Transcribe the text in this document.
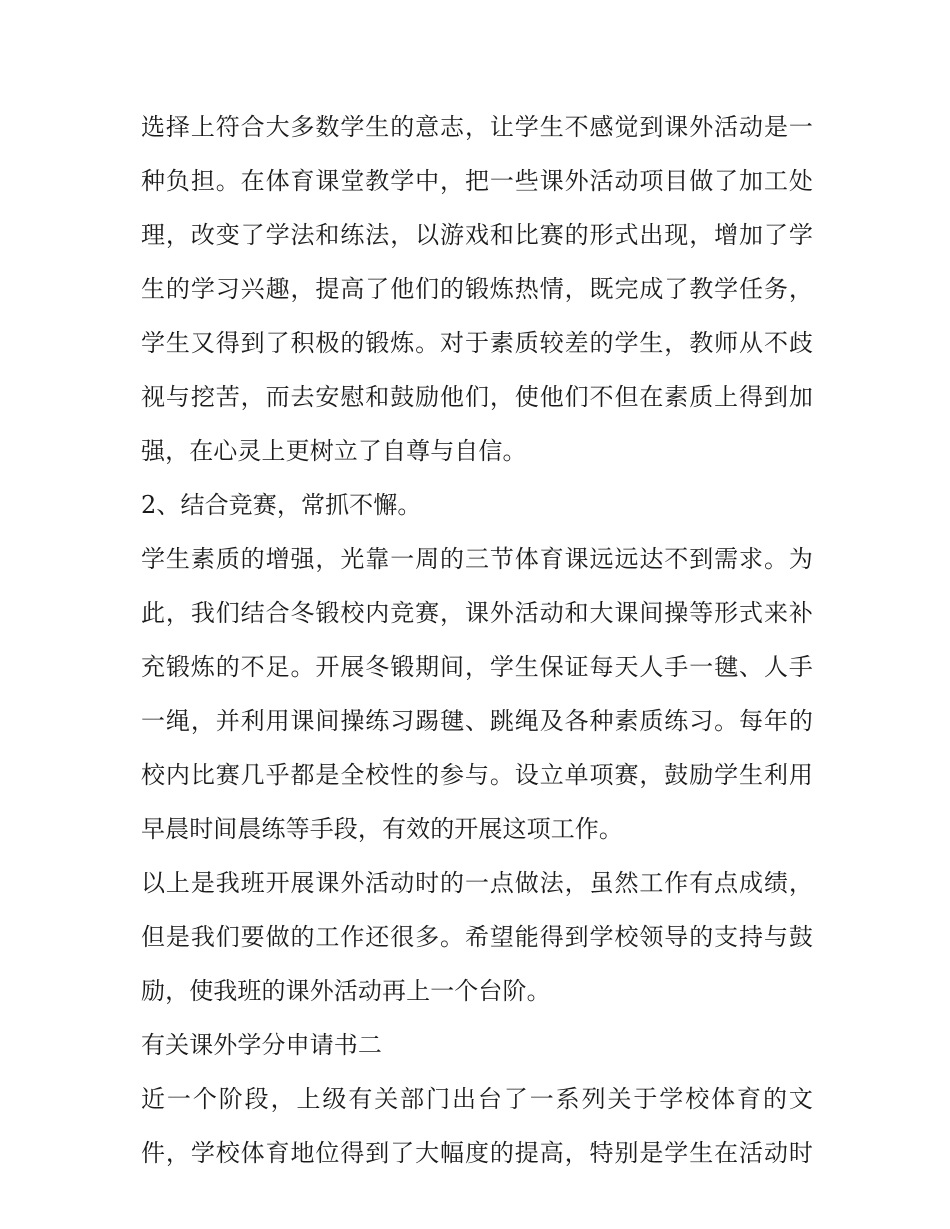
选择上符合大多数学生的意志，让学生不感觉到课外活动是一
种负担。在体育课堂教学中，把一些课外活动项目做了加工处
理，改变了学法和练法，以游戏和比赛的形式出现，增加了学
生的学习兴趣，提高了他们的锻炼热情，既完成了教学任务，
学生又得到了积极的锻炼。对于素质较差的学生，教师从不歧
视与挖苦，而去安慰和鼓励他们，使他们不但在素质上得到加
强，在心灵上更树立了自尊与自信。
2、结合竞赛，常抓不懈。
学生素质的增强，光靠一周的三节体育课远远达不到需求。为
此，我们结合冬锻校内竞赛，课外活动和大课间操等形式来补
充锻炼的不足。开展冬锻期间，学生保证每天人手一毽、人手
一绳，并利用课间操练习踢毽、跳绳及各种素质练习。每年的
校内比赛几乎都是全校性的参与。设立单项赛，鼓励学生利用
早晨时间晨练等手段，有效的开展这项工作。
以上是我班开展课外活动时的一点做法，虽然工作有点成绩，
但是我们要做的工作还很多。希望能得到学校领导的支持与鼓
励，使我班的课外活动再上一个台阶。
有关课外学分申请书二
近一个阶段，上级有关部门出台了一系列关于学校体育的文
件，学校体育地位得到了大幅度的提高，特别是学生在活动时
